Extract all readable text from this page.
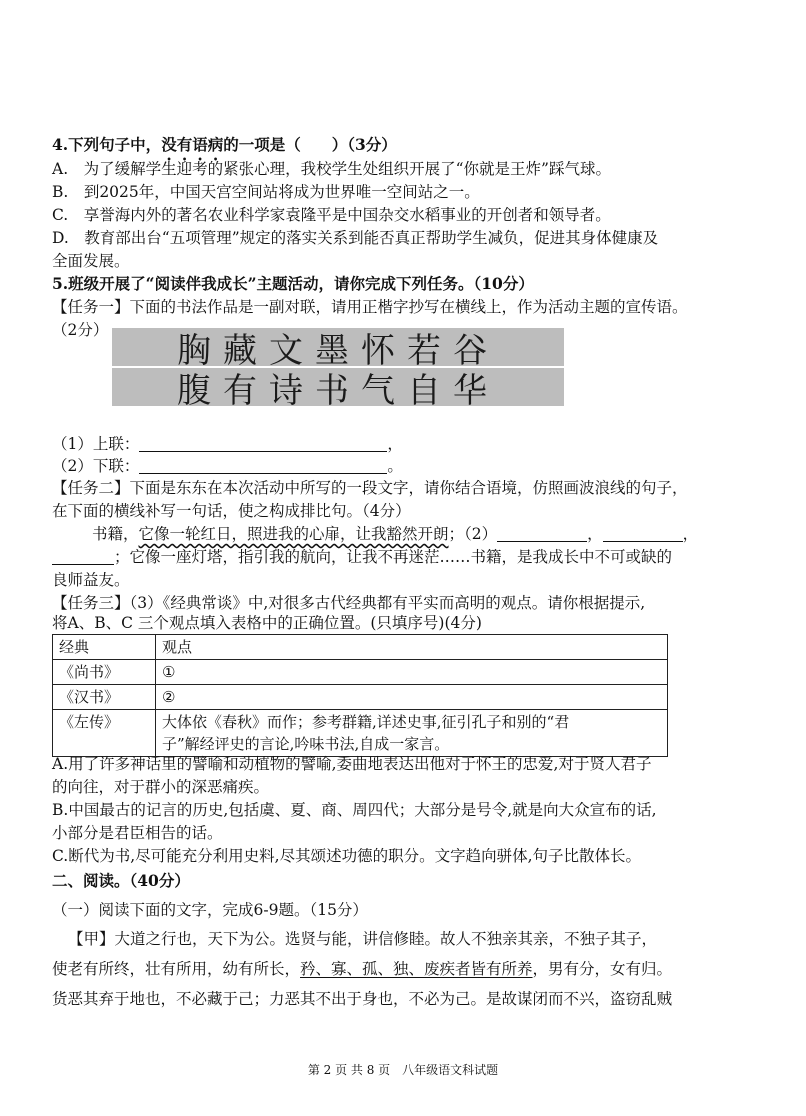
4.下列句子中，没有语病的一项是（　　）（3分）
A.　为了缓解学生迎考的紧张心理，我校学生处组织开展了“你就是王炸”踩气球。
B.　到2025年，中国天宫空间站将成为世界唯一空间站之一。
C.　享誉海内外的著名农业科学家袁隆平是中国杂交水稻事业的开创者和领导者。
D.　教育部出台“五项管理”规定的落实关系到能否真正帮助学生减负，促进其身体健康及
全面发展。
5.班级开展了“阅读伴我成长”主题活动，请你完成下列任务。（10分）
【任务一】下面的书法作品是一副对联，请用正楷字抄写在横线上，作为活动主题的宣传语。
（2分）
胸藏文墨怀若谷
腹有诗书气自华
（1）上联：	，
（2）下联：	。
【任务二】下面是东东在本次活动中所写的一段文字，请你结合语境，仿照画波浪线的句子，
在下面的横线补写一句话，使之构成排比句。（4分）
书籍，它像一轮红日，照进我的心扉，让我豁然开朗；（2）	，	，
；它像一座灯塔，指引我的航向，让我不再迷茫……书籍，是我成长中不可或缺的
良师益友。
【任务三】（3）《经典常谈》中,对很多古代经典都有平实而高明的观点。请你根据提示,
将A、B、C 三个观点填入表格中的正确位置。(只填序号)(4分)
经典	观点
《尚书》	①
《汉书》	②
《左传》	大体依《春秋》而作；参考群籍,详述史事,征引孔子和别的“君
子”解经评史的言论,吟味书法,自成一家言。
A.用了许多神话里的譬喻和动植物的譬喻,委曲地表达出他对于怀王的忠爱,对于贤人君子
的向往，对于群小的深恶痛疾。
B.中国最古的记言的历史,包括虞、夏、商、周四代；大部分是号令,就是向大众宣布的话,
小部分是君臣相告的话。
C.断代为书,尽可能充分利用史料,尽其颂述功德的职分。文字趋向骈体,句子比散体长。
二、阅读。（40分）
（一）阅读下面的文字，完成6-9题。（15分）
【甲】大道之行也，天下为公。选贤与能，讲信修睦。故人不独亲其亲，不独子其子，
使老有所终，壮有所用，幼有所长，矜、寡、孤、独、废疾者皆有所养，男有分，女有归。
货恶其弃于地也，不必藏于己；力恶其不出于身也，不必为己。是故谋闭而不兴，盗窃乱贼
第 2 页 共 8 页　八年级语文科试题
